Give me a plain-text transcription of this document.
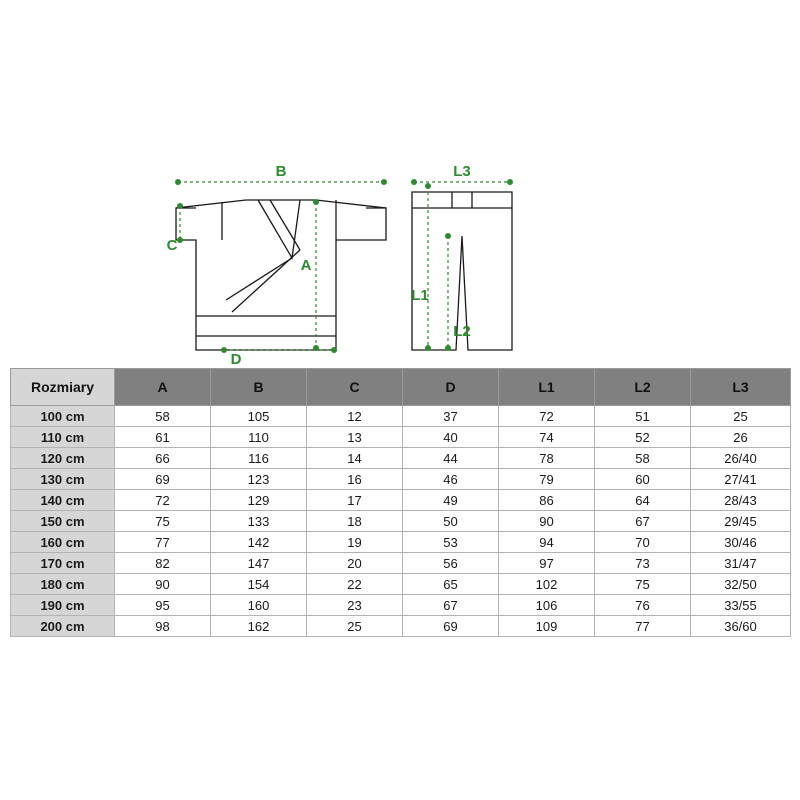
B
C
A
D
L3
L1
L2
Rozmiary	A	B	C	D	L1	L2	L3
100 cm	58	105	12	37	72	51	25
110 cm	61	110	13	40	74	52	26
120 cm	66	116	14	44	78	58	26/40
130 cm	69	123	16	46	79	60	27/41
140 cm	72	129	17	49	86	64	28/43
150 cm	75	133	18	50	90	67	29/45
160 cm	77	142	19	53	94	70	30/46
170 cm	82	147	20	56	97	73	31/47
180 cm	90	154	22	65	102	75	32/50
190 cm	95	160	23	67	106	76	33/55
200 cm	98	162	25	69	109	77	36/60
